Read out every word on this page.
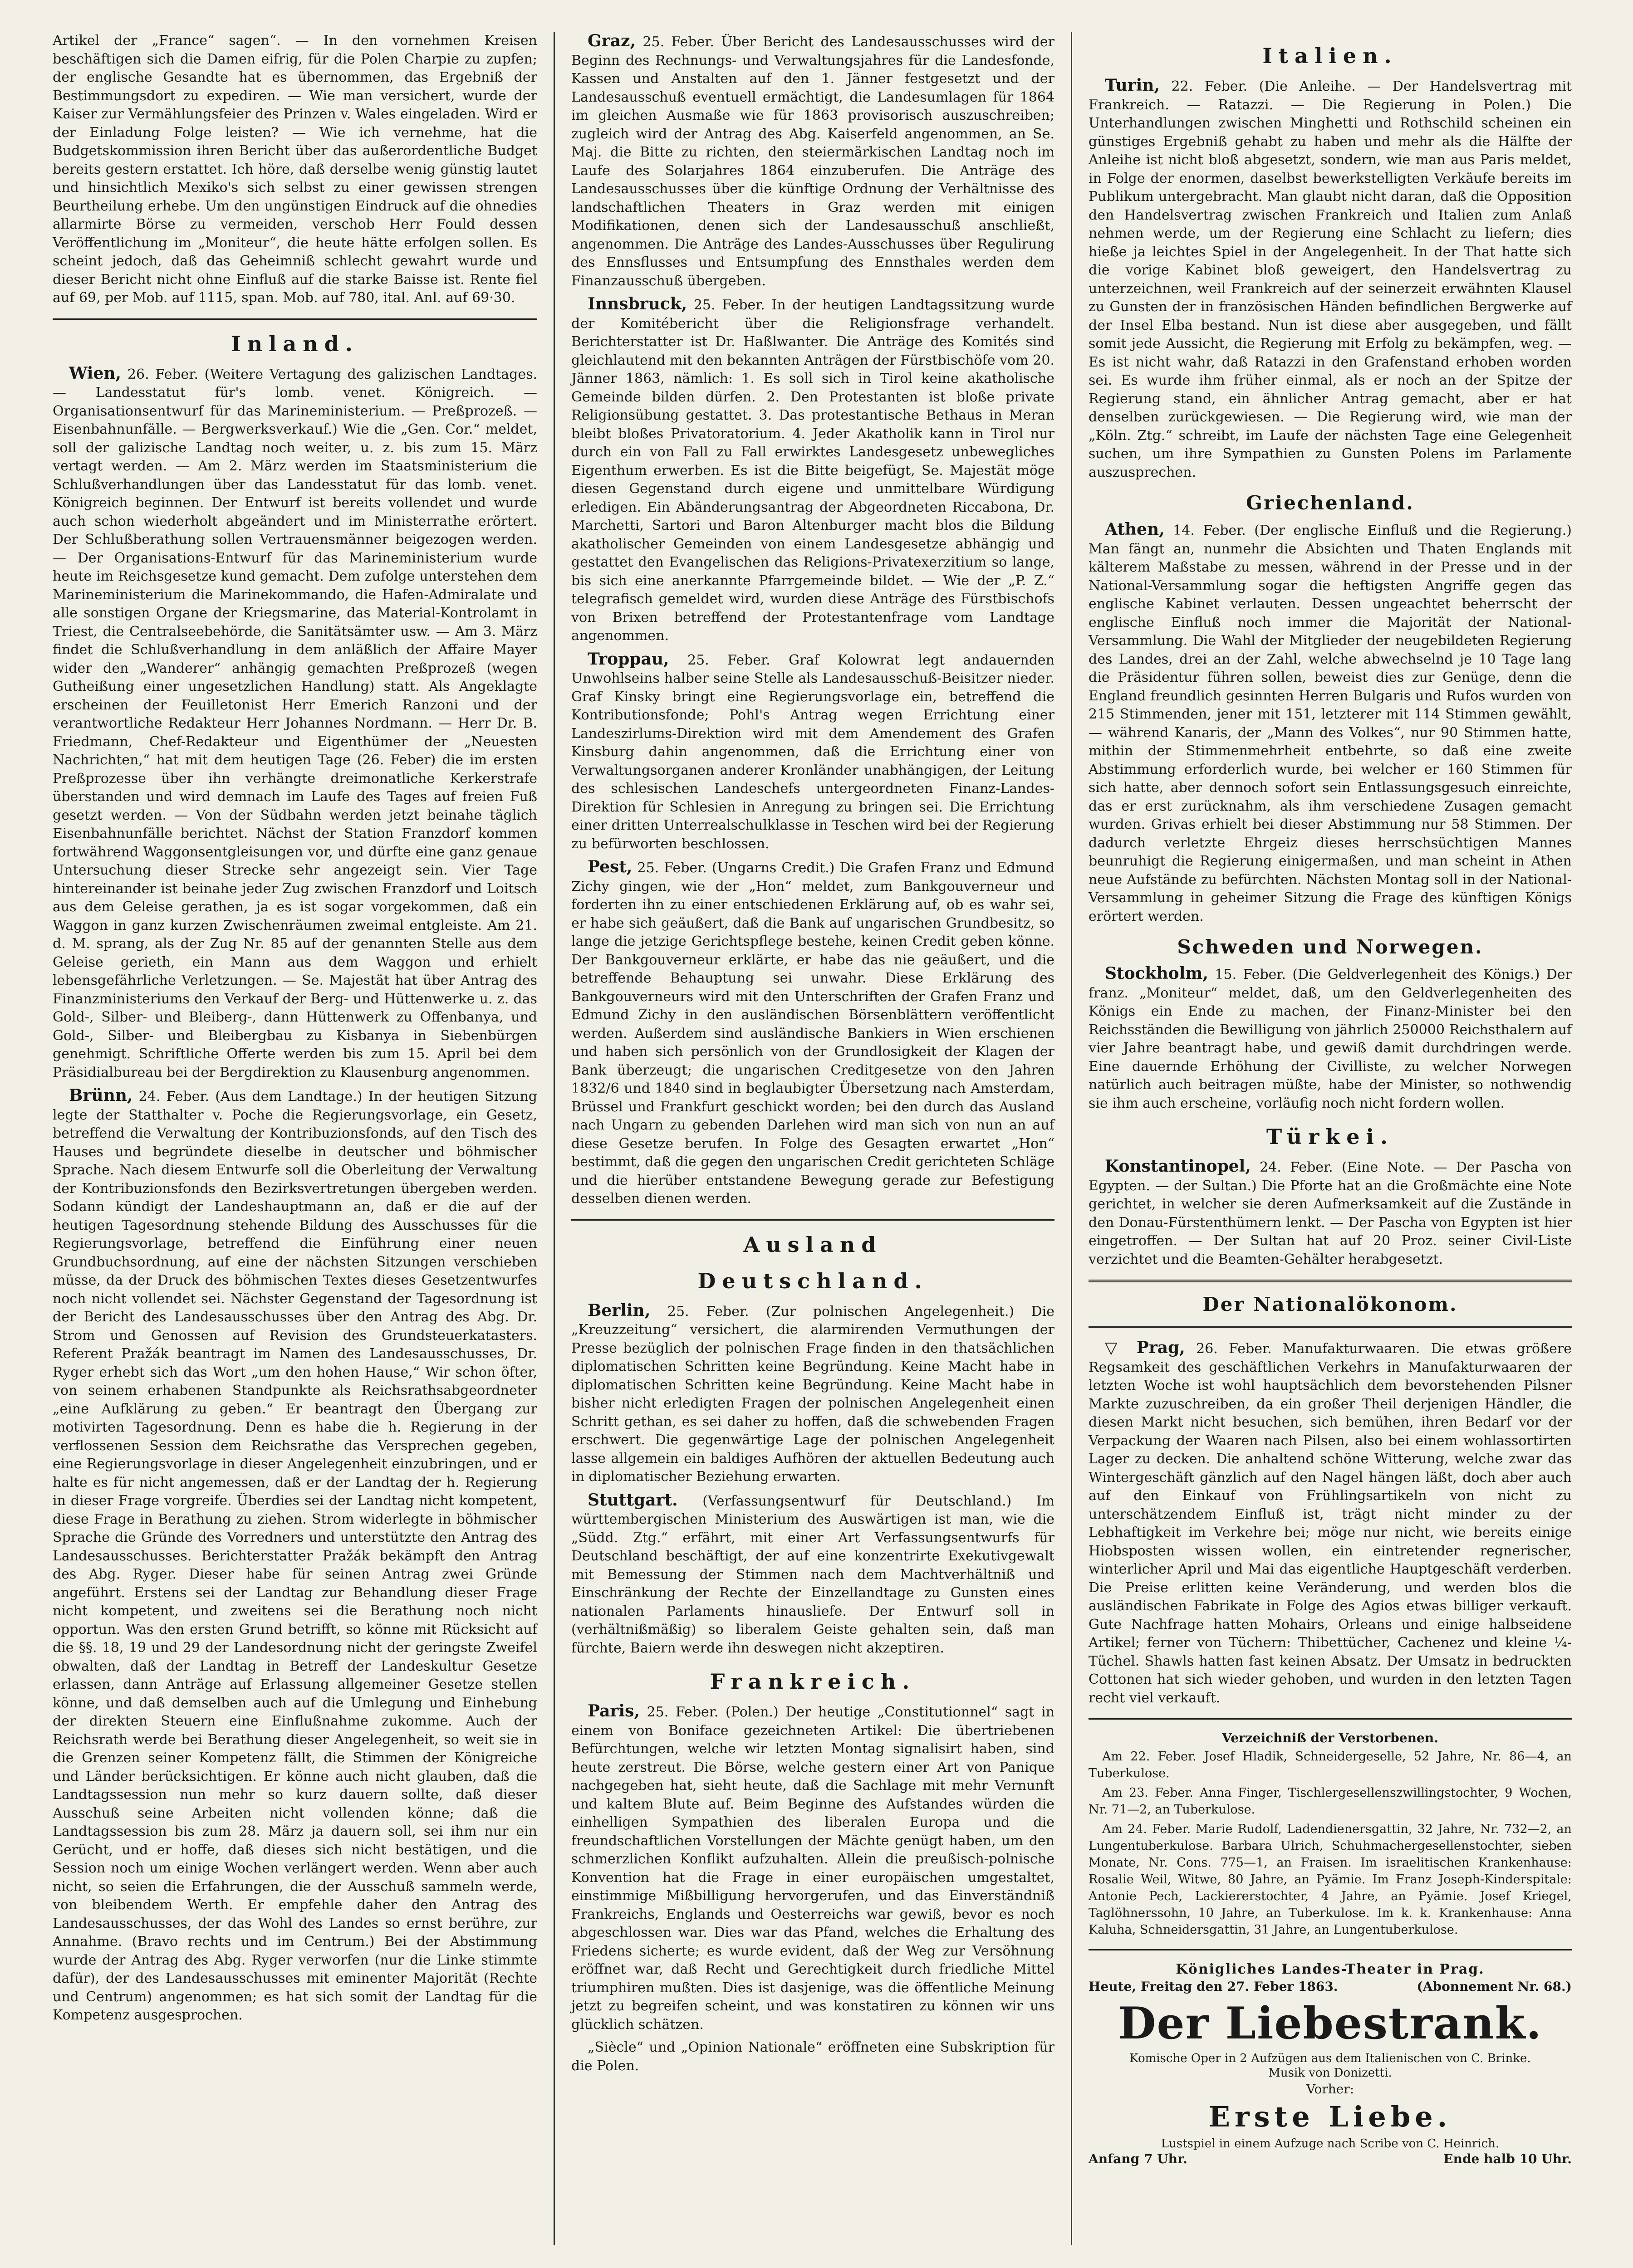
Artikel der „France“ sagen“. — In den vornehmen Kreisen beschäftigen sich die Damen eifrig, für die Polen Charpie zu zupfen; der englische Gesandte hat es übernommen, das Ergebniß der Bestimmungsdort zu expediren. — Wie man versichert, wurde der Kaiser zur Vermählungsfeier des Prinzen v. Wales eingeladen. Wird er der Einladung Folge leisten? — Wie ich vernehme, hat die Budgetskommission ihren Bericht über das außerordentliche Budget bereits gestern erstattet. Ich höre, daß derselbe wenig günstig lautet und hinsichtlich Mexiko's sich selbst zu einer gewissen strengen Beurtheilung erhebe. Um den ungünstigen Eindruck auf die ohnedies allarmirte Börse zu vermeiden, verschob Herr Fould dessen Veröffentlichung im „Moniteur“, die heute hätte erfolgen sollen. Es scheint jedoch, daß das Geheimniß schlecht gewahrt wurde und dieser Bericht nicht ohne Einfluß auf die starke Baisse ist. Rente fiel auf 69, per Mob. auf 1115, span. Mob. auf 780, ital. Anl. auf 69·30.

Inland.

Wien, 26. Feber. (Weitere Vertagung des galizischen Landtages. — Landesstatut für's lomb. venet. Königreich. — Organisationsentwurf für das Marineministerium. — Preßprozeß. — Eisenbahnunfälle. — Bergwerksverkauf.) Wie die „Gen. Cor.“ meldet, soll der galizische Landtag noch weiter, u. z. bis zum 15. März vertagt werden. — Am 2. März werden im Staatsministerium die Schlußverhandlungen über das Landesstatut für das lomb. venet. Königreich beginnen. Der Entwurf ist bereits vollendet und wurde auch schon wiederholt abgeändert und im Ministerrathe erörtert. Der Schlußberathung sollen Vertrauensmänner beigezogen werden. — Der Organisations-Entwurf für das Marineministerium wurde heute im Reichsgesetze kund gemacht. Dem zufolge unterstehen dem Marineministerium die Marinekommando, die Hafen-Admiralate und alle sonstigen Organe der Kriegsmarine, das Material-Kontrolamt in Triest, die Centralseebehörde, die Sanitätsämter usw. — Am 3. März findet die Schlußverhandlung in dem anläßlich der Affaire Mayer wider den „Wanderer“ anhängig gemachten Preßprozeß (wegen Gutheißung einer ungesetzlichen Handlung) statt. Als Angeklagte erscheinen der Feuilletonist Herr Emerich Ranzoni und der verantwortliche Redakteur Herr Johannes Nordmann. — Herr Dr. B. Friedmann, Chef-Redakteur und Eigenthümer der „Neuesten Nachrichten,“ hat mit dem heutigen Tage (26. Feber) die im ersten Preßprozesse über ihn verhängte dreimonatliche Kerkerstrafe überstanden und wird demnach im Laufe des Tages auf freien Fuß gesetzt werden. — Von der Südbahn werden jetzt beinahe täglich Eisenbahnunfälle berichtet. Nächst der Station Franzdorf kommen fortwährend Waggonsentgleisungen vor, und dürfte eine ganz genaue Untersuchung dieser Strecke sehr angezeigt sein. Vier Tage hintereinander ist beinahe jeder Zug zwischen Franzdorf und Loitsch aus dem Geleise gerathen, ja es ist sogar vorgekommen, daß ein Waggon in ganz kurzen Zwischenräumen zweimal entgleiste. Am 21. d. M. sprang, als der Zug Nr. 85 auf der genannten Stelle aus dem Geleise gerieth, ein Mann aus dem Waggon und erhielt lebensgefährliche Verletzungen. — Se. Majestät hat über Antrag des Finanzministeriums den Verkauf der Berg- und Hüttenwerke u. z. das Gold-, Silber- und Bleiberg-, dann Hüttenwerk zu Offenbanya, und Gold-, Silber- und Bleibergbau zu Kisbanya in Siebenbürgen genehmigt. Schriftliche Offerte werden bis zum 15. April bei dem Präsidialbureau bei der Bergdirektion zu Klausenburg angenommen.

Brünn, 24. Feber. (Aus dem Landtage.) In der heutigen Sitzung legte der Statthalter v. Poche die Regierungsvorlage, ein Gesetz, betreffend die Verwaltung der Kontribuzionsfonds, auf den Tisch des Hauses und begründete dieselbe in deutscher und böhmischer Sprache. Nach diesem Entwurfe soll die Oberleitung der Verwaltung der Kontribuzionsfonds den Bezirksvertretungen übergeben werden. Sodann kündigt der Landeshauptmann an, daß er die auf der heutigen Tagesordnung stehende Bildung des Ausschusses für die Regierungsvorlage, betreffend die Einführung einer neuen Grundbuchsordnung, auf eine der nächsten Sitzungen verschieben müsse, da der Druck des böhmischen Textes dieses Gesetzentwurfes noch nicht vollendet sei. Nächster Gegenstand der Tagesordnung ist der Bericht des Landesausschusses über den Antrag des Abg. Dr. Strom und Genossen auf Revision des Grundsteuerkatasters. Referent Pražák beantragt im Namen des Landesausschusses, Dr. Ryger erhebt sich das Wort „um den hohen Hause,“ Wir schon öfter, von seinem erhabenen Standpunkte als Reichsrathsabgeordneter „eine Aufklärung zu geben.“ Er beantragt den Übergang zur motivirten Tagesordnung. Denn es habe die h. Regierung in der verflossenen Session dem Reichsrathe das Versprechen gegeben, eine Regierungsvorlage in dieser Angelegenheit einzubringen, und er halte es für nicht angemessen, daß er der Landtag der h. Regierung in dieser Frage vorgreife. Überdies sei der Landtag nicht kompetent, diese Frage in Berathung zu ziehen. Strom widerlegte in böhmischer Sprache die Gründe des Vorredners und unterstützte den Antrag des Landesausschusses. Berichterstatter Pražák bekämpft den Antrag des Abg. Ryger. Dieser habe für seinen Antrag zwei Gründe angeführt. Erstens sei der Landtag zur Behandlung dieser Frage nicht kompetent, und zweitens sei die Berathung noch nicht opportun. Was den ersten Grund betrifft, so könne mit Rücksicht auf die §§. 18, 19 und 29 der Landesordnung nicht der geringste Zweifel obwalten, daß der Landtag in Betreff der Landeskultur Gesetze erlassen, dann Anträge auf Erlassung allgemeiner Gesetze stellen könne, und daß demselben auch auf die Umlegung und Einhebung der direkten Steuern eine Einflußnahme zukomme. Auch der Reichsrath werde bei Berathung dieser Angelegenheit, so weit sie in die Grenzen seiner Kompetenz fällt, die Stimmen der Königreiche und Länder berücksichtigen. Er könne auch nicht glauben, daß die Landtagssession nun mehr so kurz dauern sollte, daß dieser Ausschuß seine Arbeiten nicht vollenden könne; daß die Landtagssession bis zum 28. März ja dauern soll, sei ihm nur ein Gerücht, und er hoffe, daß dieses sich nicht bestätigen, und die Session noch um einige Wochen verlängert werden. Wenn aber auch nicht, so seien die Erfahrungen, die der Ausschuß sammeln werde, von bleibendem Werth. Er empfehle daher den Antrag des Landesausschusses, der das Wohl des Landes so ernst berühre, zur Annahme. (Bravo rechts und im Centrum.) Bei der Abstimmung wurde der Antrag des Abg. Ryger verworfen (nur die Linke stimmte dafür), der des Landesausschusses mit eminenter Majorität (Rechte und Centrum) angenommen; es hat sich somit der Landtag für die Kompetenz ausgesprochen.

Graz, 25. Feber. Über Bericht des Landesausschusses wird der Beginn des Rechnungs- und Verwaltungsjahres für die Landesfonde, Kassen und Anstalten auf den 1. Jänner festgesetzt und der Landesausschuß eventuell ermächtigt, die Landesumlagen für 1864 im gleichen Ausmaße wie für 1863 provisorisch auszuschreiben; zugleich wird der Antrag des Abg. Kaiserfeld angenommen, an Se. Maj. die Bitte zu richten, den steiermärkischen Landtag noch im Laufe des Solarjahres 1864 einzuberufen. Die Anträge des Landesausschusses über die künftige Ordnung der Verhältnisse des landschaftlichen Theaters in Graz werden mit einigen Modifikationen, denen sich der Landesausschuß anschließt, angenommen. Die Anträge des Landes-Ausschusses über Regulirung des Ennsflusses und Entsumpfung des Ennsthales werden dem Finanzausschuß übergeben.

Innsbruck, 25. Feber. In der heutigen Landtagssitzung wurde der Komitébericht über die Religionsfrage verhandelt. Berichterstatter ist Dr. Haßlwanter. Die Anträge des Komités sind gleichlautend mit den bekannten Anträgen der Fürstbischöfe vom 20. Jänner 1863, nämlich: 1. Es soll sich in Tirol keine akatholische Gemeinde bilden dürfen. 2. Den Protestanten ist bloße private Religionsübung gestattet. 3. Das protestantische Bethaus in Meran bleibt bloßes Privatoratorium. 4. Jeder Akatholik kann in Tirol nur durch ein von Fall zu Fall erwirktes Landesgesetz unbewegliches Eigenthum erwerben. Es ist die Bitte beigefügt, Se. Majestät möge diesen Gegenstand durch eigene und unmittelbare Würdigung erledigen. Ein Abänderungsantrag der Abgeordneten Riccabona, Dr. Marchetti, Sartori und Baron Altenburger macht blos die Bildung akatholischer Gemeinden von einem Landesgesetze abhängig und gestattet den Evangelischen das Religions-Privatexerzitium so lange, bis sich eine anerkannte Pfarrgemeinde bildet. — Wie der „P. Z.“ telegrafisch gemeldet wird, wurden diese Anträge des Fürstbischofs von Brixen betreffend der Protestantenfrage vom Landtage angenommen.

Troppau, 25. Feber. Graf Kolowrat legt andauernden Unwohlseins halber seine Stelle als Landesausschuß-Beisitzer nieder. Graf Kinsky bringt eine Regierungsvorlage ein, betreffend die Kontributionsfonde; Pohl's Antrag wegen Errichtung einer Landeszirlums-Direktion wird mit dem Amendement des Grafen Kinsburg dahin angenommen, daß die Errichtung einer von Verwaltungsorganen anderer Kronländer unabhängigen, der Leitung des schlesischen Landeschefs untergeordneten Finanz-Landes-Direktion für Schlesien in Anregung zu bringen sei. Die Errichtung einer dritten Unterrealschulklasse in Teschen wird bei der Regierung zu befürworten beschlossen.

Pest, 25. Feber. (Ungarns Credit.) Die Grafen Franz und Edmund Zichy gingen, wie der „Hon“ meldet, zum Bankgouverneur und forderten ihn zu einer entschiedenen Erklärung auf, ob es wahr sei, er habe sich geäußert, daß die Bank auf ungarischen Grundbesitz, so lange die jetzige Gerichtspflege bestehe, keinen Credit geben könne. Der Bankgouverneur erklärte, er habe das nie geäußert, und die betreffende Behauptung sei unwahr. Diese Erklärung des Bankgouverneurs wird mit den Unterschriften der Grafen Franz und Edmund Zichy in den ausländischen Börsenblättern veröffentlicht werden. Außerdem sind ausländische Bankiers in Wien erschienen und haben sich persönlich von der Grundlosigkeit der Klagen der Bank überzeugt; die ungarischen Creditgesetze von den Jahren 1832/6 und 1840 sind in beglaubigter Übersetzung nach Amsterdam, Brüssel und Frankfurt geschickt worden; bei den durch das Ausland nach Ungarn zu gebenden Darlehen wird man sich von nun an auf diese Gesetze berufen. In Folge des Gesagten erwartet „Hon“ bestimmt, daß die gegen den ungarischen Credit gerichteten Schläge und die hierüber entstandene Bewegung gerade zur Befestigung desselben dienen werden.

Ausland
Deutschland.

Berlin, 25. Feber. (Zur polnischen Angelegenheit.) Die „Kreuzzeitung“ versichert, die alarmirenden Vermuthungen der Presse bezüglich der polnischen Frage finden in den thatsächlichen diplomatischen Schritten keine Begründung. Keine Macht habe in diplomatischen Schritten keine Begründung. Keine Macht habe in bisher nicht erledigten Fragen der polnischen Angelegenheit einen Schritt gethan, es sei daher zu hoffen, daß die schwebenden Fragen erschwert. Die gegenwärtige Lage der polnischen Angelegenheit lasse allgemein ein baldiges Aufhören der aktuellen Bedeutung auch in diplomatischer Beziehung erwarten.

Stuttgart. (Verfassungsentwurf für Deutschland.) Im württembergischen Ministerium des Auswärtigen ist man, wie die „Südd. Ztg.“ erfährt, mit einer Art Verfassungsentwurfs für Deutschland beschäftigt, der auf eine konzentrirte Exekutivgewalt mit Bemessung der Stimmen nach dem Machtverhältniß und Einschränkung der Rechte der Einzellandtage zu Gunsten eines nationalen Parlaments hinausliefe. Der Entwurf soll in (verhältnißmäßig) so liberalem Geiste gehalten sein, daß man fürchte, Baiern werde ihn deswegen nicht akzeptiren.

Frankreich.

Paris, 25. Feber. (Polen.) Der heutige „Constitutionnel“ sagt in einem von Boniface gezeichneten Artikel: Die übertriebenen Befürchtungen, welche wir letzten Montag signalisirt haben, sind heute zerstreut. Die Börse, welche gestern einer Art von Panique nachgegeben hat, sieht heute, daß die Sachlage mit mehr Vernunft und kaltem Blute auf. Beim Beginne des Aufstandes würden die einhelligen Sympathien des liberalen Europa und die freundschaftlichen Vorstellungen der Mächte genügt haben, um den schmerzlichen Konflikt aufzuhalten. Allein die preußisch-polnische Konvention hat die Frage in einer europäischen umgestaltet, einstimmige Mißbilligung hervorgerufen, und das Einverständniß Frankreichs, Englands und Oesterreichs war gewiß, bevor es noch abgeschlossen war. Dies war das Pfand, welches die Erhaltung des Friedens sicherte; es wurde evident, daß der Weg zur Versöhnung eröffnet war, daß Recht und Gerechtigkeit durch friedliche Mittel triumphiren mußten. Dies ist dasjenige, was die öffentliche Meinung jetzt zu begreifen scheint, und was konstatiren zu können wir uns glücklich schätzen.

„Siècle“ und „Opinion Nationale“ eröffneten eine Subskription für die Polen.

Italien.

Turin, 22. Feber. (Die Anleihe. — Der Handelsvertrag mit Frankreich. — Ratazzi. — Die Regierung in Polen.) Die Unterhandlungen zwischen Minghetti und Rothschild scheinen ein günstiges Ergebniß gehabt zu haben und mehr als die Hälfte der Anleihe ist nicht bloß abgesetzt, sondern, wie man aus Paris meldet, in Folge der enormen, daselbst bewerkstelligten Verkäufe bereits im Publikum untergebracht. Man glaubt nicht daran, daß die Opposition den Handelsvertrag zwischen Frankreich und Italien zum Anlaß nehmen werde, um der Regierung eine Schlacht zu liefern; dies hieße ja leichtes Spiel in der Angelegenheit. In der That hatte sich die vorige Kabinet bloß geweigert, den Handelsvertrag zu unterzeichnen, weil Frankreich auf der seinerzeit erwähnten Klausel zu Gunsten der in französischen Händen befindlichen Bergwerke auf der Insel Elba bestand. Nun ist diese aber ausgegeben, und fällt somit jede Aussicht, die Regierung mit Erfolg zu bekämpfen, weg. — Es ist nicht wahr, daß Ratazzi in den Grafenstand erhoben worden sei. Es wurde ihm früher einmal, als er noch an der Spitze der Regierung stand, ein ähnlicher Antrag gemacht, aber er hat denselben zurückgewiesen. — Die Regierung wird, wie man der „Köln. Ztg.“ schreibt, im Laufe der nächsten Tage eine Gelegenheit suchen, um ihre Sympathien zu Gunsten Polens im Parlamente auszusprechen.

Griechenland.

Athen, 14. Feber. (Der englische Einfluß und die Regierung.) Man fängt an, nunmehr die Absichten und Thaten Englands mit kälterem Maßstabe zu messen, während in der Presse und in der National-Versammlung sogar die heftigsten Angriffe gegen das englische Kabinet verlauten. Dessen ungeachtet beherrscht der englische Einfluß noch immer die Majorität der National-Versammlung. Die Wahl der Mitglieder der neugebildeten Regierung des Landes, drei an der Zahl, welche abwechselnd je 10 Tage lang die Präsidentur führen sollen, beweist dies zur Genüge, denn die England freundlich gesinnten Herren Bulgaris und Rufos wurden von 215 Stimmenden, jener mit 151, letzterer mit 114 Stimmen gewählt, — während Kanaris, der „Mann des Volkes“, nur 90 Stimmen hatte, mithin der Stimmenmehrheit entbehrte, so daß eine zweite Abstimmung erforderlich wurde, bei welcher er 160 Stimmen für sich hatte, aber dennoch sofort sein Entlassungsgesuch einreichte, das er erst zurücknahm, als ihm verschiedene Zusagen gemacht wurden. Grivas erhielt bei dieser Abstimmung nur 58 Stimmen. Der dadurch verletzte Ehrgeiz dieses herrschsüchtigen Mannes beunruhigt die Regierung einigermaßen, und man scheint in Athen neue Aufstände zu befürchten. Nächsten Montag soll in der National-Versammlung in geheimer Sitzung die Frage des künftigen Königs erörtert werden.

Schweden und Norwegen.

Stockholm, 15. Feber. (Die Geldverlegenheit des Königs.) Der franz. „Moniteur“ meldet, daß, um den Geldverlegenheiten des Königs ein Ende zu machen, der Finanz-Minister bei den Reichsständen die Bewilligung von jährlich 250000 Reichsthalern auf vier Jahre beantragt habe, und gewiß damit durchdringen werde. Eine dauernde Erhöhung der Civilliste, zu welcher Norwegen natürlich auch beitragen müßte, habe der Minister, so nothwendig sie ihm auch erscheine, vorläufig noch nicht fordern wollen.

Türkei.

Konstantinopel, 24. Feber. (Eine Note. — Der Pascha von Egypten. — der Sultan.) Die Pforte hat an die Großmächte eine Note gerichtet, in welcher sie deren Aufmerksamkeit auf die Zustände in den Donau-Fürstenthümern lenkt. — Der Pascha von Egypten ist hier eingetroffen. — Der Sultan hat auf 20 Proz. seiner Civil-Liste verzichtet und die Beamten-Gehälter herabgesetzt.

Der Nationalökonom.

▽ Prag, 26. Feber. Manufakturwaaren. Die etwas größere Regsamkeit des geschäftlichen Verkehrs in Manufakturwaaren der letzten Woche ist wohl hauptsächlich dem bevorstehenden Pilsner Markte zuzuschreiben, da ein großer Theil derjenigen Händler, die diesen Markt nicht besuchen, sich bemühen, ihren Bedarf vor der Verpackung der Waaren nach Pilsen, also bei einem wohlassortirten Lager zu decken. Die anhaltend schöne Witterung, welche zwar das Wintergeschäft gänzlich auf den Nagel hängen läßt, doch aber auch auf den Einkauf von Frühlingsartikeln von nicht zu unterschätzendem Einfluß ist, trägt nicht minder zu der Lebhaftigkeit im Verkehre bei; möge nur nicht, wie bereits einige Hiobsposten wissen wollen, ein eintretender regnerischer, winterlicher April und Mai das eigentliche Hauptgeschäft verderben. Die Preise erlitten keine Veränderung, und werden blos die ausländischen Fabrikate in Folge des Agios etwas billiger verkauft. Gute Nachfrage hatten Mohairs, Orleans und einige halbseidene Artikel; ferner von Tüchern: Thibettücher, Cachenez und kleine ¼-Tüchel. Shawls hatten fast keinen Absatz. Der Umsatz in bedruckten Cottonen hat sich wieder gehoben, und wurden in den letzten Tagen recht viel verkauft.

Verzeichniß der Verstorbenen.

Am 22. Feber. Josef Hladik, Schneidergeselle, 52 Jahre, Nr. 86—4, an Tuberkulose.

Am 23. Feber. Anna Finger, Tischlergesellenszwillingstochter, 9 Wochen, Nr. 71—2, an Tuberkulose.

Am 24. Feber. Marie Rudolf, Ladendienersgattin, 32 Jahre, Nr. 732—2, an Lungentuberkulose. Barbara Ulrich, Schuhmachergesellenstochter, sieben Monate, Nr. Cons. 775—1, an Fraisen. Im israelitischen Krankenhause: Rosalie Weil, Witwe, 80 Jahre, an Pyämie. Im Franz Joseph-Kinderspitale: Antonie Pech, Lackiererstochter, 4 Jahre, an Pyämie. Josef Kriegel, Taglöhnerssohn, 10 Jahre, an Tuberkulose. Im k. k. Krankenhause: Anna Kaluha, Schneidersgattin, 31 Jahre, an Lungentuberkulose.

Königliches Landes-Theater in Prag.
Heute, Freitag den 27. Feber 1863.	(Abonnement Nr. 68.)
Der Liebestrank.
Komische Oper in 2 Aufzügen aus dem Italienischen von C. Brinke.
Musik von Donizetti.
Vorher:
Erste Liebe.
Lustspiel in einem Aufzuge nach Scribe von C. Heinrich.
Anfang 7 Uhr.	Ende halb 10 Uhr.
